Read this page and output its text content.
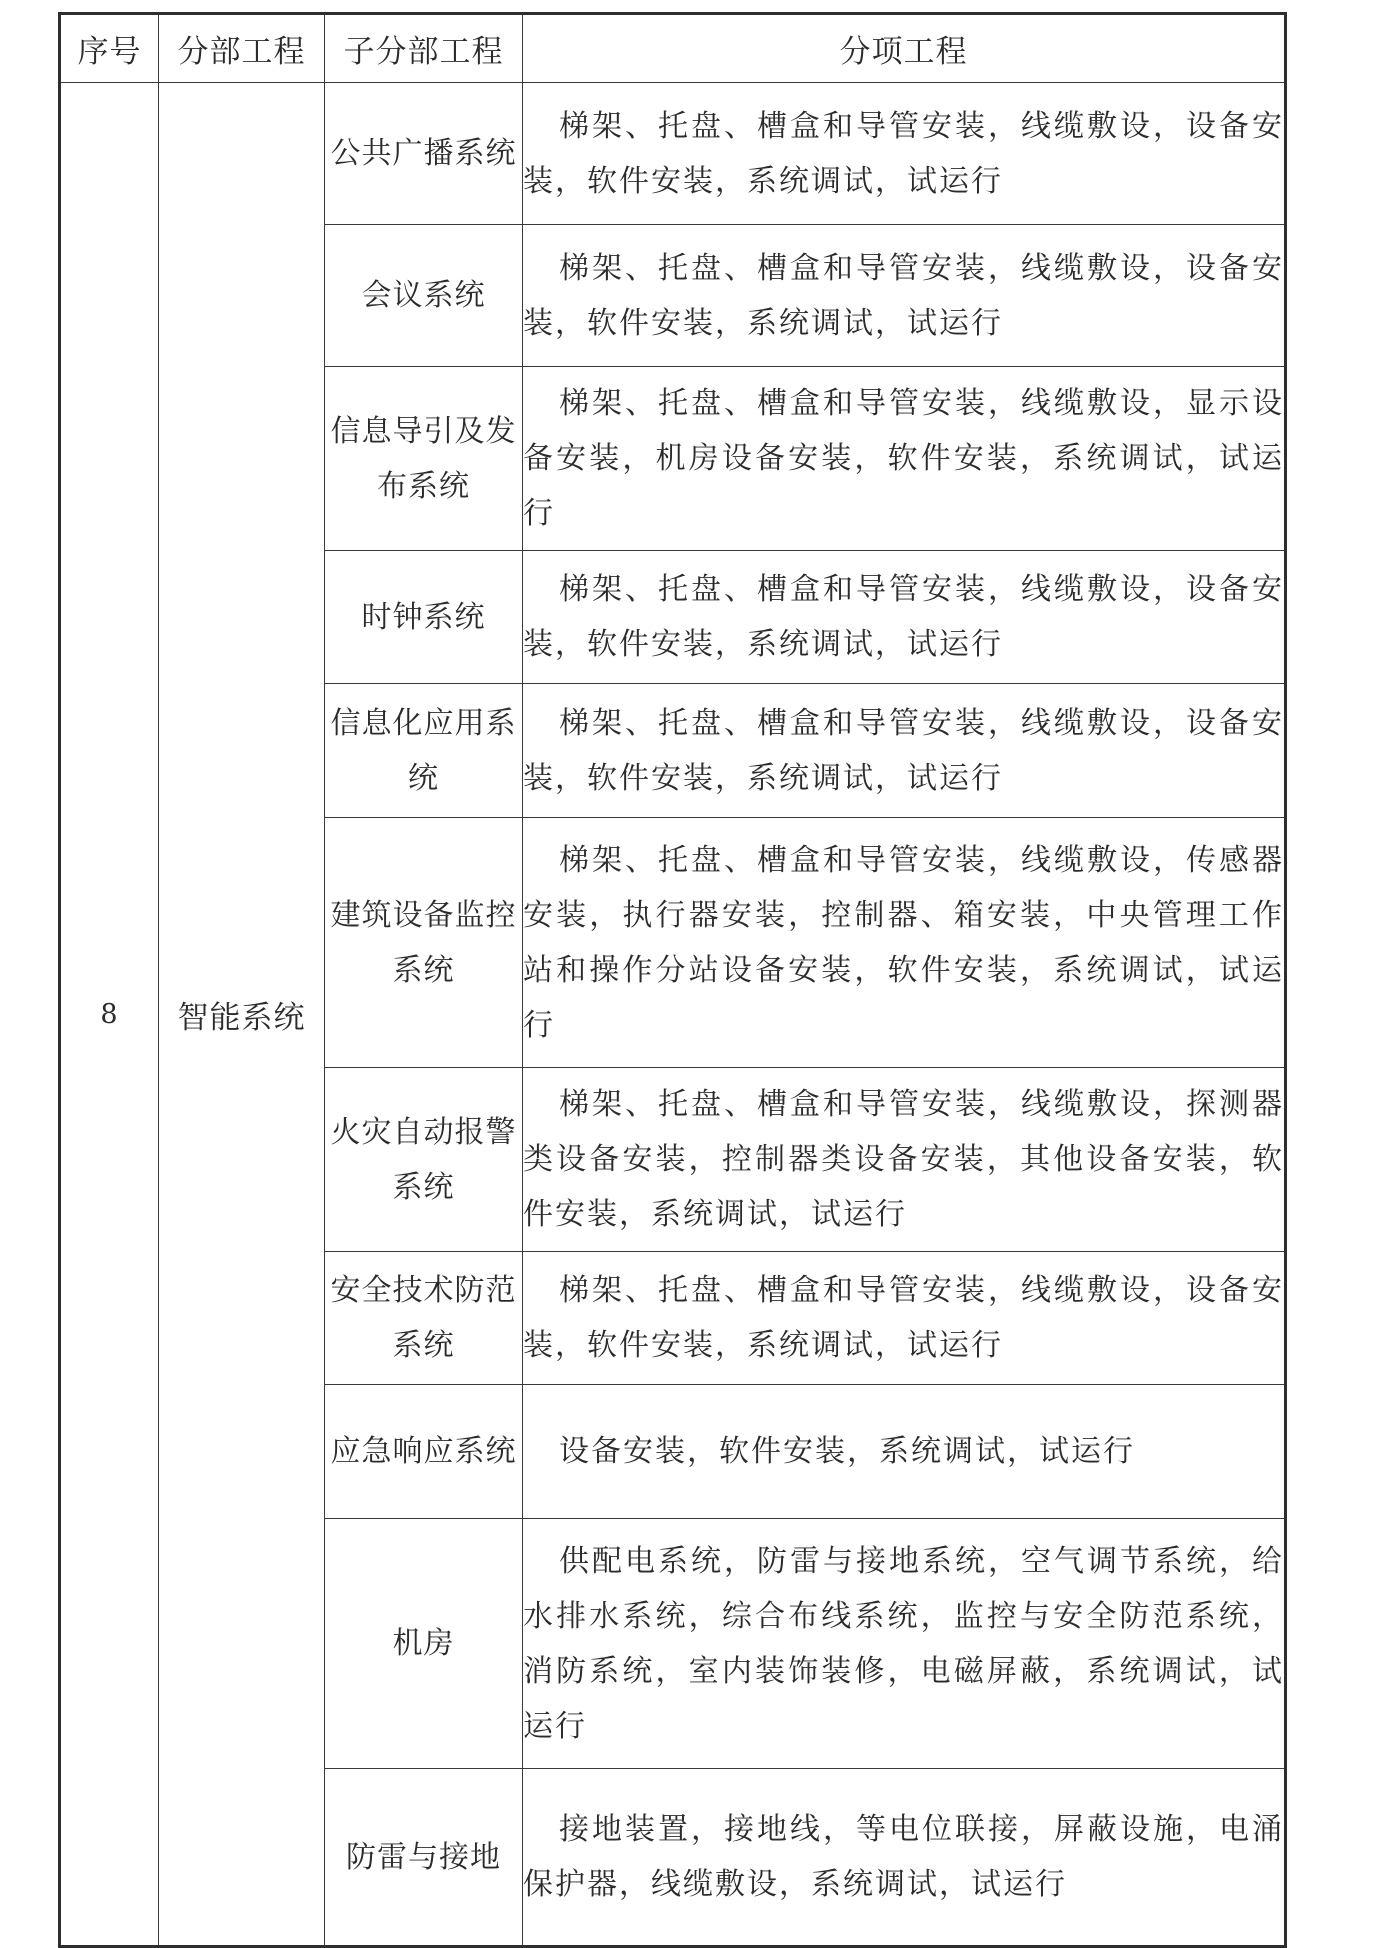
序号	分部工程	子分部工程	分项工程
8	智能系统	公共广播系统	梯架、托盘、槽盒和导管安装，线缆敷设，设备安装，软件安装，系统调试，试运行

		会议系统	梯架、托盘、槽盒和导管安装，线缆敷设，设备安装，软件安装，系统调试，试运行

		信息导引及发布系统	梯架、托盘、槽盒和导管安装，线缆敷设，显示设备安装，机房设备安装，软件安装，系统调试，试运行

		时钟系统	梯架、托盘、槽盒和导管安装，线缆敷设，设备安装，软件安装，系统调试，试运行

		信息化应用系统	梯架、托盘、槽盒和导管安装，线缆敷设，设备安装，软件安装，系统调试，试运行

		建筑设备监控系统	梯架、托盘、槽盒和导管安装，线缆敷设，传感器安装，执行器安装，控制器、箱安装，中央管理工作站和操作分站设备安装，软件安装，系统调试，试运行

		火灾自动报警系统	梯架、托盘、槽盒和导管安装，线缆敷设，探测器类设备安装，控制器类设备安装，其他设备安装，软件安装，系统调试，试运行

		安全技术防范系统	梯架、托盘、槽盒和导管安装，线缆敷设，设备安装，软件安装，系统调试，试运行

		应急响应系统	设备安装，软件安装，系统调试，试运行

		机房	供配电系统，防雷与接地系统，空气调节系统，给水排水系统，综合布线系统，监控与安全防范系统，消防系统，室内装饰装修，电磁屏蔽，系统调试，试运行

		防雷与接地	接地装置，接地线，等电位联接，屏蔽设施，电涌保护器，线缆敷设，系统调试，试运行
